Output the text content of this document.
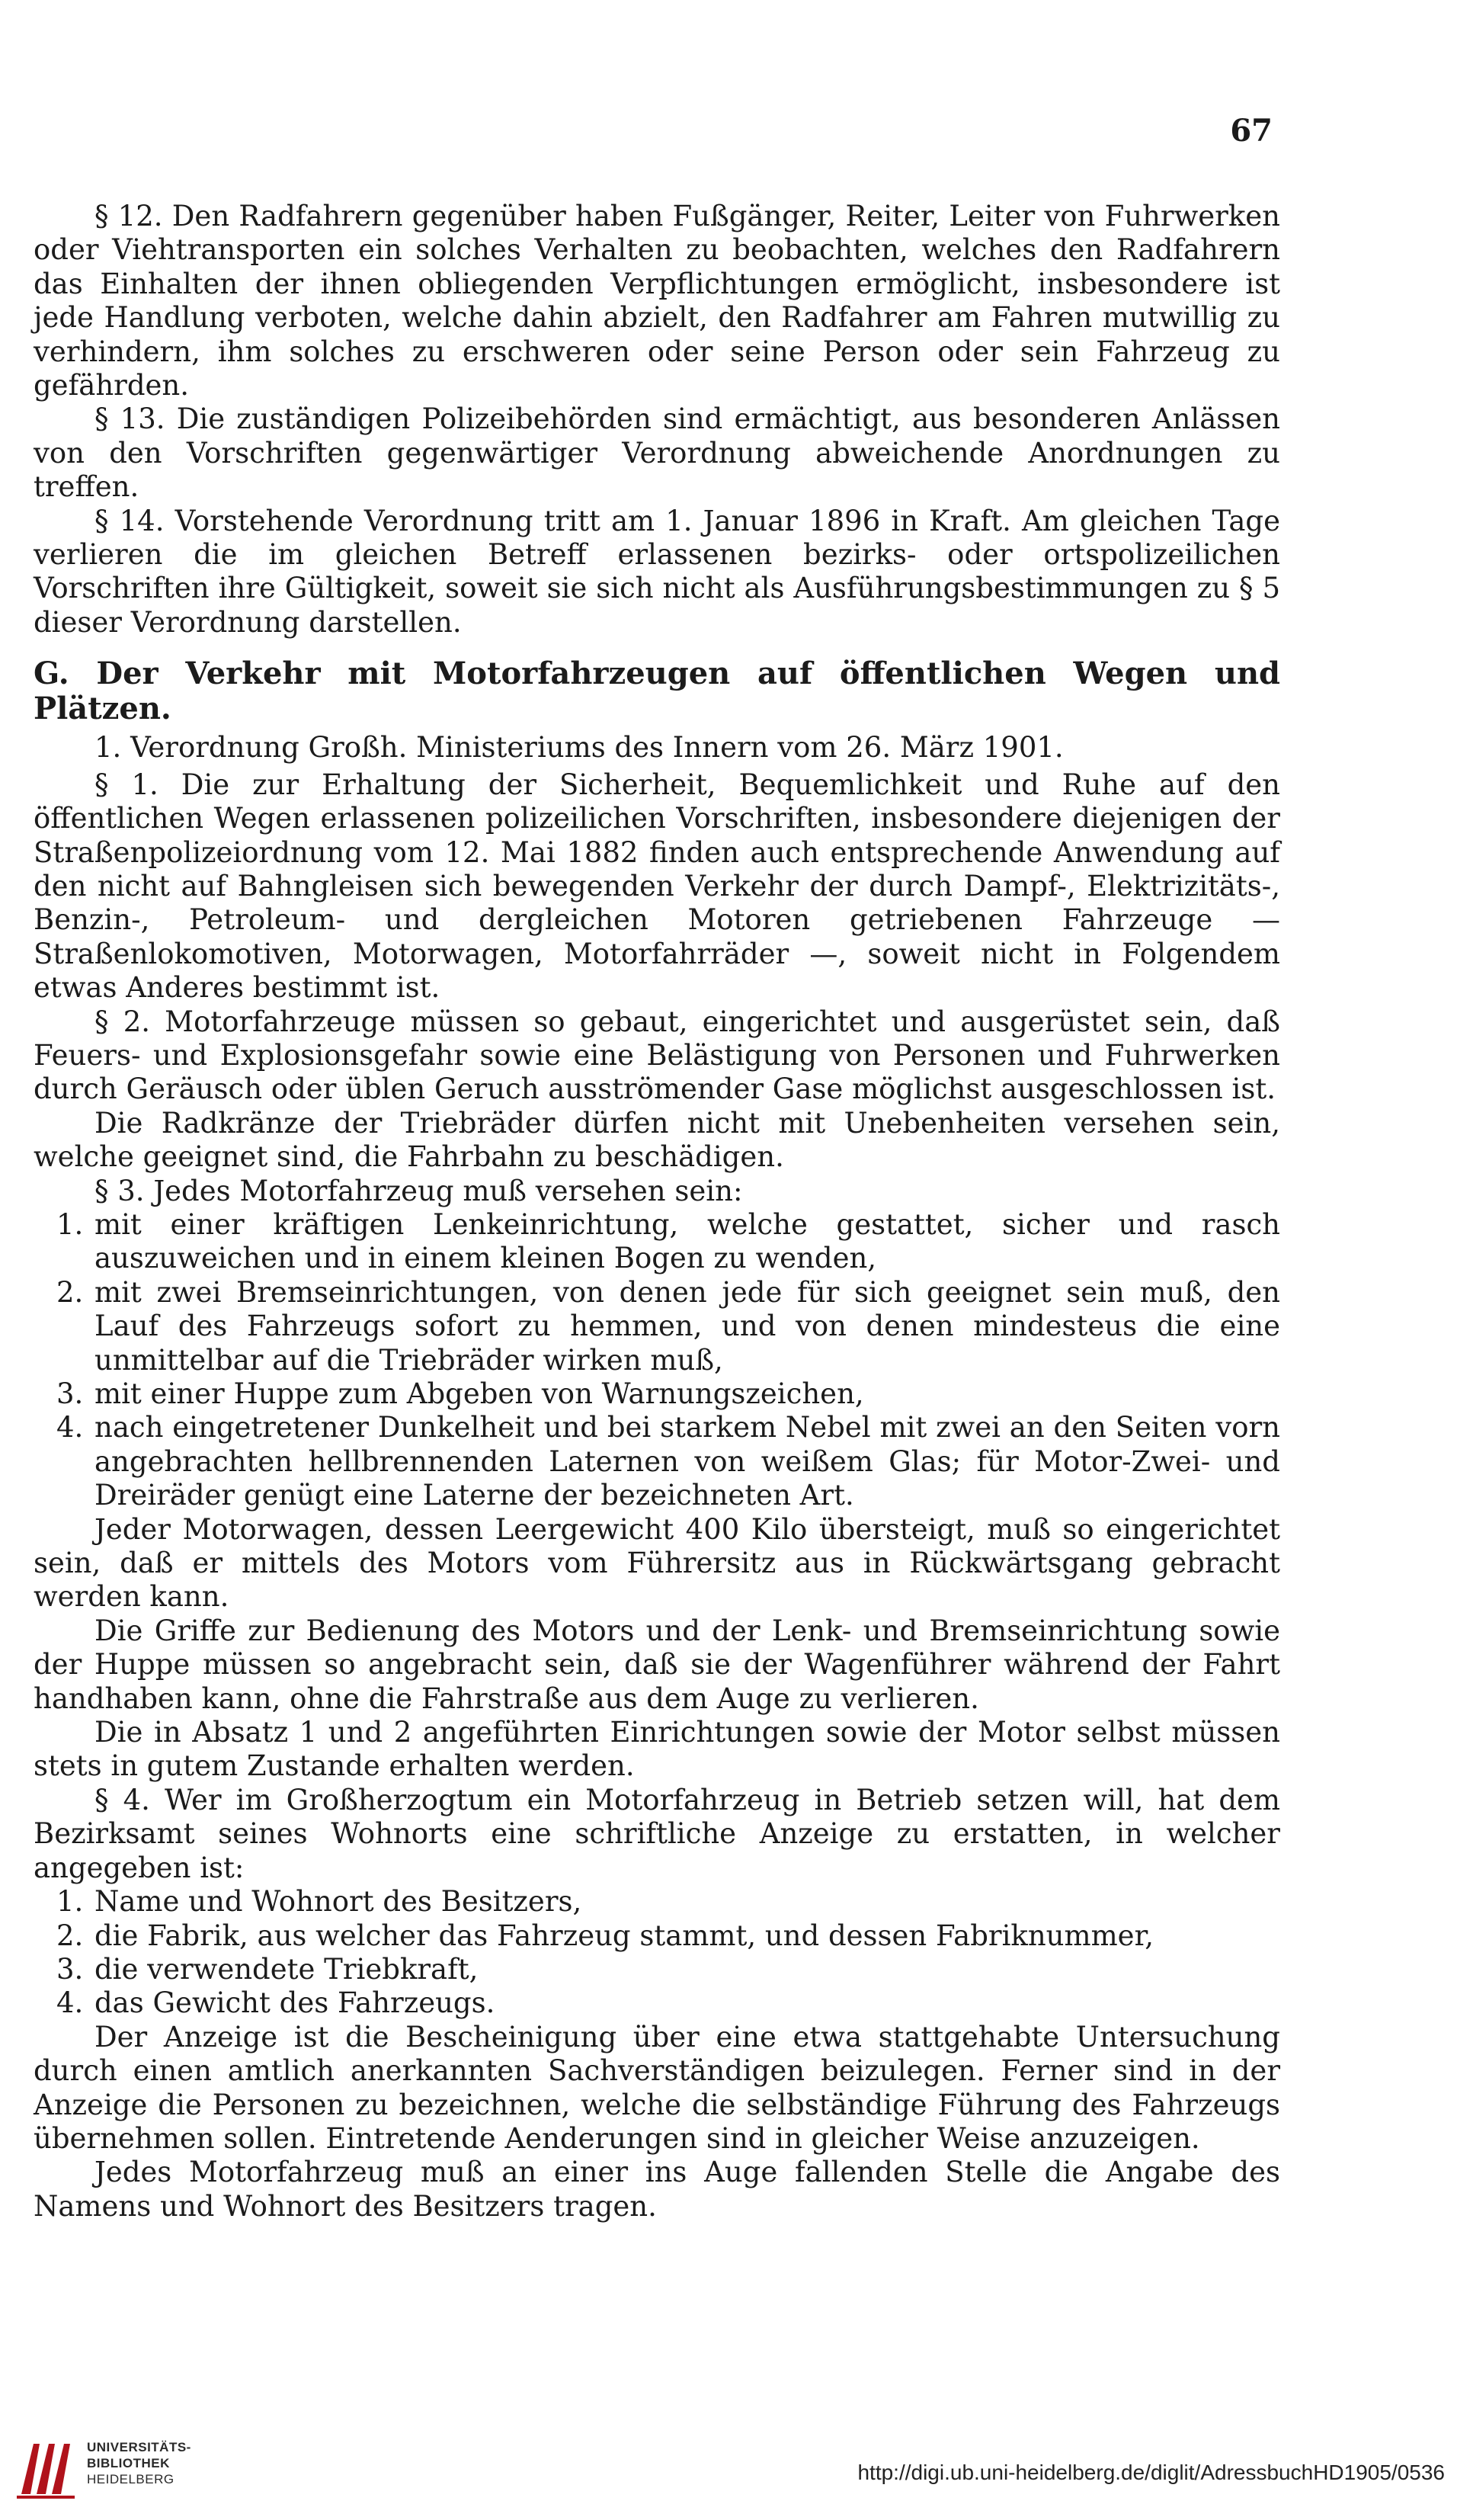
67

§ 12. Den Radfahrern gegenüber haben Fußgänger, Reiter, Leiter von Fuhrwerken oder Viehtransporten ein solches Verhalten zu beobachten, welches den Radfahrern das Einhalten der ihnen obliegenden Verpflichtungen ermöglicht, insbesondere ist jede Handlung verboten, welche dahin abzielt, den Radfahrer am Fahren mutwillig zu verhindern, ihm solches zu erschweren oder seine Person oder sein Fahrzeug zu gefährden.

§ 13. Die zuständigen Polizeibehörden sind ermächtigt, aus besonderen Anlässen von den Vorschriften gegenwärtiger Verordnung abweichende Anordnungen zu treffen.

§ 14. Vorstehende Verordnung tritt am 1. Januar 1896 in Kraft. Am gleichen Tage verlieren die im gleichen Betreff erlassenen bezirks- oder ortspolizeilichen Vorschriften ihre Gültigkeit, soweit sie sich nicht als Ausführungsbestimmungen zu § 5 dieser Verordnung darstellen.

G. Der Verkehr mit Motorfahrzeugen auf öffentlichen Wegen und Plätzen.

1. Verordnung Großh. Ministeriums des Innern vom 26. März 1901.

§ 1. Die zur Erhaltung der Sicherheit, Bequemlichkeit und Ruhe auf den öffentlichen Wegen erlassenen polizeilichen Vorschriften, insbesondere diejenigen der Straßenpolizeiordnung vom 12. Mai 1882 finden auch entsprechende Anwendung auf den nicht auf Bahngleisen sich bewegenden Verkehr der durch Dampf-, Elektrizitäts-, Benzin-, Petroleum- und dergleichen Motoren getriebenen Fahrzeuge — Straßenlokomotiven, Motorwagen, Motorfahrräder —, soweit nicht in Folgendem etwas Anderes bestimmt ist.

§ 2. Motorfahrzeuge müssen so gebaut, eingerichtet und ausgerüstet sein, daß Feuers- und Explosionsgefahr sowie eine Belästigung von Personen und Fuhrwerken durch Geräusch oder üblen Geruch ausströmender Gase möglichst ausgeschlossen ist.

Die Radkränze der Triebräder dürfen nicht mit Unebenheiten versehen sein, welche geeignet sind, die Fahrbahn zu beschädigen.

§ 3. Jedes Motorfahrzeug muß versehen sein:

1. mit einer kräftigen Lenkeinrichtung, welche gestattet, sicher und rasch auszuweichen und in einem kleinen Bogen zu wenden,

2. mit zwei Bremseinrichtungen, von denen jede für sich geeignet sein muß, den Lauf des Fahrzeugs sofort zu hemmen, und von denen mindesteus die eine unmittelbar auf die Triebräder wirken muß,

3. mit einer Huppe zum Abgeben von Warnungszeichen,

4. nach eingetretener Dunkelheit und bei starkem Nebel mit zwei an den Seiten vorn angebrachten hellbrennenden Laternen von weißem Glas; für Motor-Zwei- und Dreiräder genügt eine Laterne der bezeichneten Art.

Jeder Motorwagen, dessen Leergewicht 400 Kilo übersteigt, muß so eingerichtet sein, daß er mittels des Motors vom Führersitz aus in Rückwärtsgang gebracht werden kann.

Die Griffe zur Bedienung des Motors und der Lenk- und Bremseinrichtung sowie der Huppe müssen so angebracht sein, daß sie der Wagenführer während der Fahrt handhaben kann, ohne die Fahrstraße aus dem Auge zu verlieren.

Die in Absatz 1 und 2 angeführten Einrichtungen sowie der Motor selbst müssen stets in gutem Zustande erhalten werden.

§ 4. Wer im Großherzogtum ein Motorfahrzeug in Betrieb setzen will, hat dem Bezirksamt seines Wohnorts eine schriftliche Anzeige zu erstatten, in welcher angegeben ist:

1. Name und Wohnort des Besitzers,

2. die Fabrik, aus welcher das Fahrzeug stammt, und dessen Fabriknummer,

3. die verwendete Triebkraft,

4. das Gewicht des Fahrzeugs.

Der Anzeige ist die Bescheinigung über eine etwa stattgehabte Untersuchung durch einen amtlich anerkannten Sachverständigen beizulegen. Ferner sind in der Anzeige die Personen zu bezeichnen, welche die selbständige Führung des Fahrzeugs übernehmen sollen. Eintretende Aenderungen sind in gleicher Weise anzuzeigen.

Jedes Motorfahrzeug muß an einer ins Auge fallenden Stelle die Angabe des Namens und Wohnort des Besitzers tragen.

UNIVERSITÄTS-
BIBLIOTHEK
HEIDELBERG	http://digi.ub.uni-heidelberg.de/diglit/AdressbuchHD1905/0536
